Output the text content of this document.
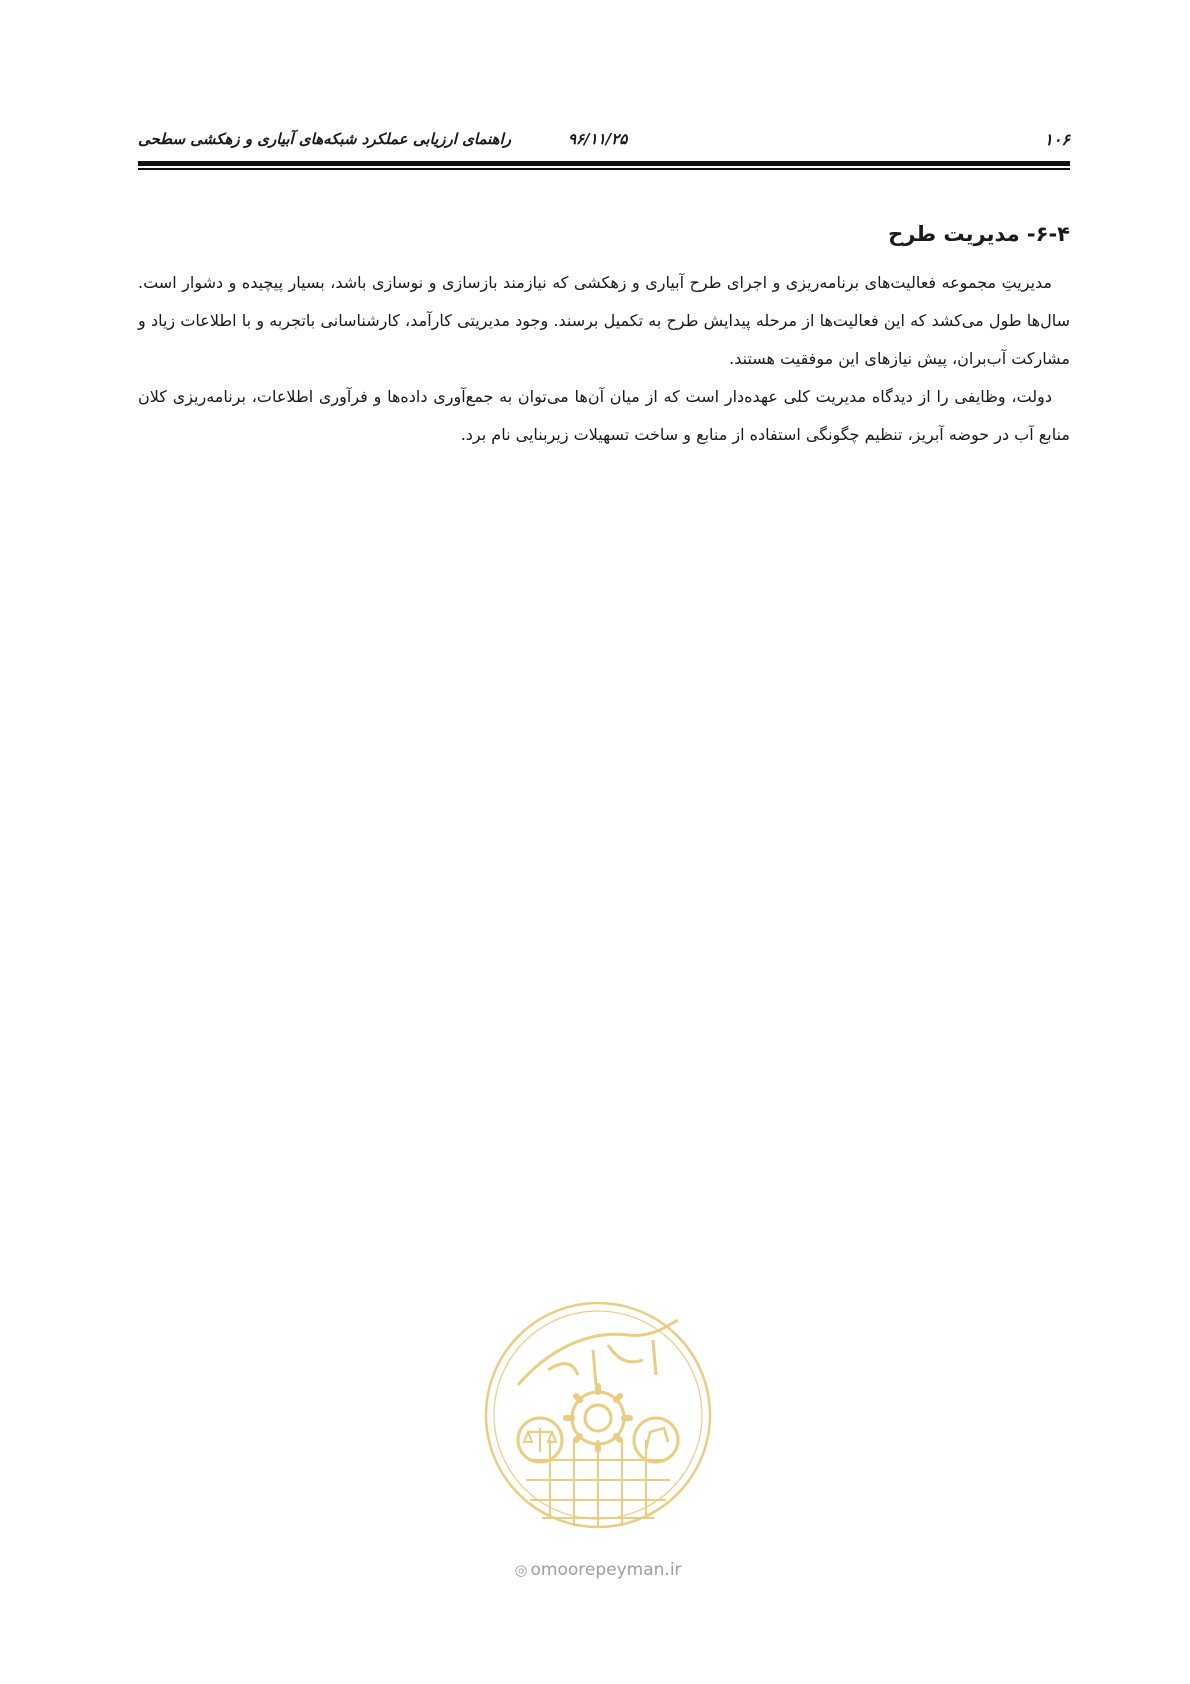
۱۰۶
۹۶/۱۱/۲۵
راهنمای ارزیابی عملکرد شبکه‌های آبیاری و زهکشی سطحی
۶-۴- مدیریت طرح

مدیریتِ مجموعه فعالیت‌های برنامه‌ریزی و اجرای طرح آبیاری و زهکشی که نیازمند بازسازی و نوسازی باشد، بسیار پیچیده و دشوار است. سال‌ها طول می‌کشد که این فعالیت‌ها از مرحله پیدایش طرح به تکمیل برسند. وجود مدیریتی کارآمد، کارشناسانی باتجربه و با اطلاعات زیاد و مشارکت آب‌بران، پیش نیازهای این موفقیت هستند.

دولت، وظایفی را از دیدگاه مدیریت کلی عهده‌دار است که از میان آن‌ها می‌توان به جمع‌آوری داده‌ها و فرآوری اطلاعات، برنامه‌ریزی کلان منابع آب در حوضه آبریز، تنظیم چگونگی استفاده از منابع و ساخت تسهیلات زیربنایی نام برد.

◎ omoorepeyman.ir
